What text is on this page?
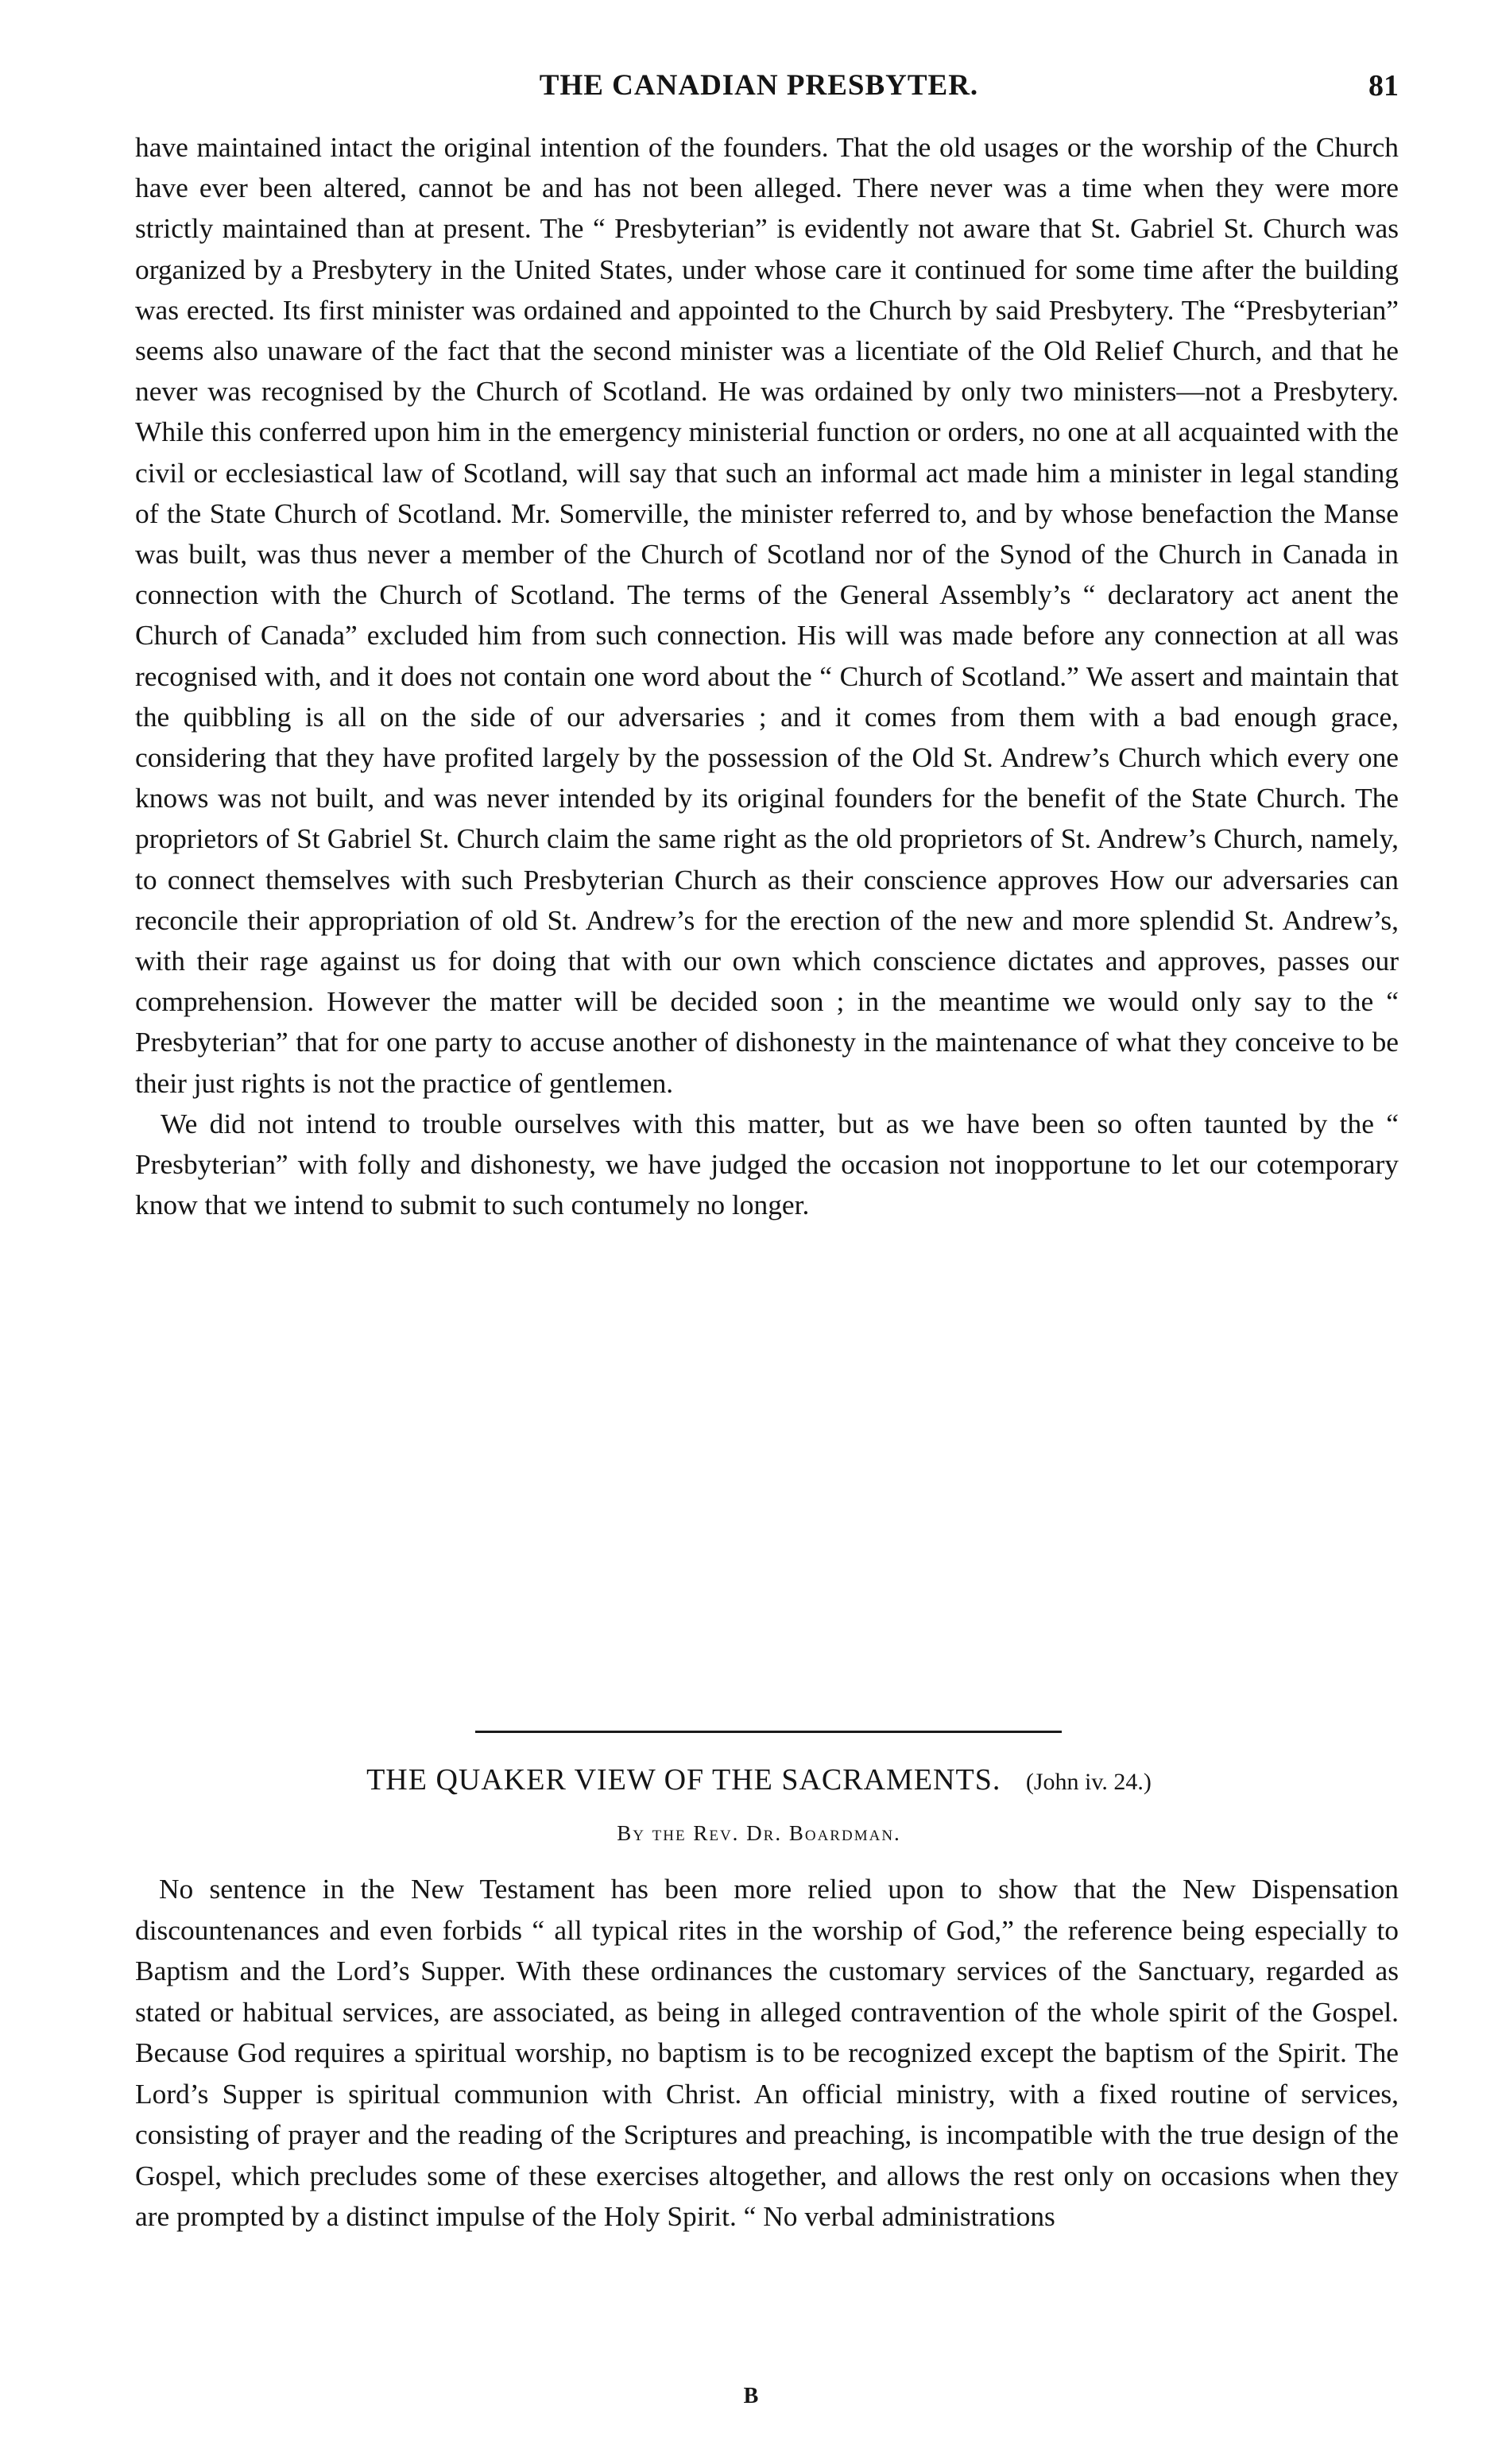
THE CANADIAN PRESBYTER.	81

have maintained intact the original intention of the founders. That the old usages or the worship of the Church have ever been altered, cannot be and has not been alleged. There never was a time when they were more strictly maintained than at present. The “ Presbyterian” is evidently not aware that St. Gabriel St. Church was organized by a Presbytery in the United States, under whose care it continued for some time after the building was erected. Its first minister was ordained and appointed to the Church by said Presbytery. The “Presbyterian” seems also unaware of the fact that the second minister was a licentiate of the Old Relief Church, and that he never was recognised by the Church of Scotland. He was ordained by only two ministers—not a Presbytery. While this conferred upon him in the emergency ministerial function or orders, no one at all acquainted with the civil or ecclesiastical law of Scotland, will say that such an informal act made him a minister in legal standing of the State Church of Scotland. Mr. Somerville, the minister referred to, and by whose benefaction the Manse was built, was thus never a member of the Church of Scotland nor of the Synod of the Church in Canada in connection with the Church of Scotland. The terms of the General Assembly’s “ declaratory act anent the Church of Canada” excluded him from such connection. His will was made before any connection at all was recognised with, and it does not contain one word about the “ Church of Scotland.” We assert and maintain that the quibbling is all on the side of our adversaries ; and it comes from them with a bad enough grace, considering that they have profited largely by the possession of the Old St. Andrew’s Church which every one knows was not built, and was never intended by its original founders for the benefit of the State Church. The proprietors of St Gabriel St. Church claim the same right as the old proprietors of St. Andrew’s Church, namely, to connect themselves with such Presbyterian Church as their conscience approves How our adversaries can reconcile their appropriation of old St. Andrew’s for the erection of the new and more splendid St. Andrew’s, with their rage against us for doing that with our own which conscience dictates and approves, passes our comprehension. However the matter will be decided soon ; in the meantime we would only say to the “ Presbyterian” that for one party to accuse another of dishonesty in the maintenance of what they conceive to be their just rights is not the practice of gentlemen.

We did not intend to trouble ourselves with this matter, but as we have been so often taunted by the “ Presbyterian” with folly and dishonesty, we have judged the occasion not inopportune to let our cotemporary know that we intend to submit to such contumely no longer.

THE QUAKER VIEW OF THE SACRAMENTS. (John iv. 24.)
By the Rev. Dr. Boardman.

No sentence in the New Testament has been more relied upon to show that the New Dispensation discountenances and even forbids “ all typical rites in the worship of God,” the reference being especially to Baptism and the Lord’s Supper. With these ordinances the customary services of the Sanctuary, regarded as stated or habitual services, are associated, as being in alleged contravention of the whole spirit of the Gospel. Because God requires a spiritual worship, no baptism is to be recognized except the baptism of the Spirit. The Lord’s Supper is spiritual communion with Christ. An official ministry, with a fixed routine of services, consisting of prayer and the reading of the Scriptures and preaching, is incompatible with the true design of the Gospel, which precludes some of these exercises altogether, and allows the rest only on occasions when they are prompted by a distinct impulse of the Holy Spirit. “ No verbal administrations

B
